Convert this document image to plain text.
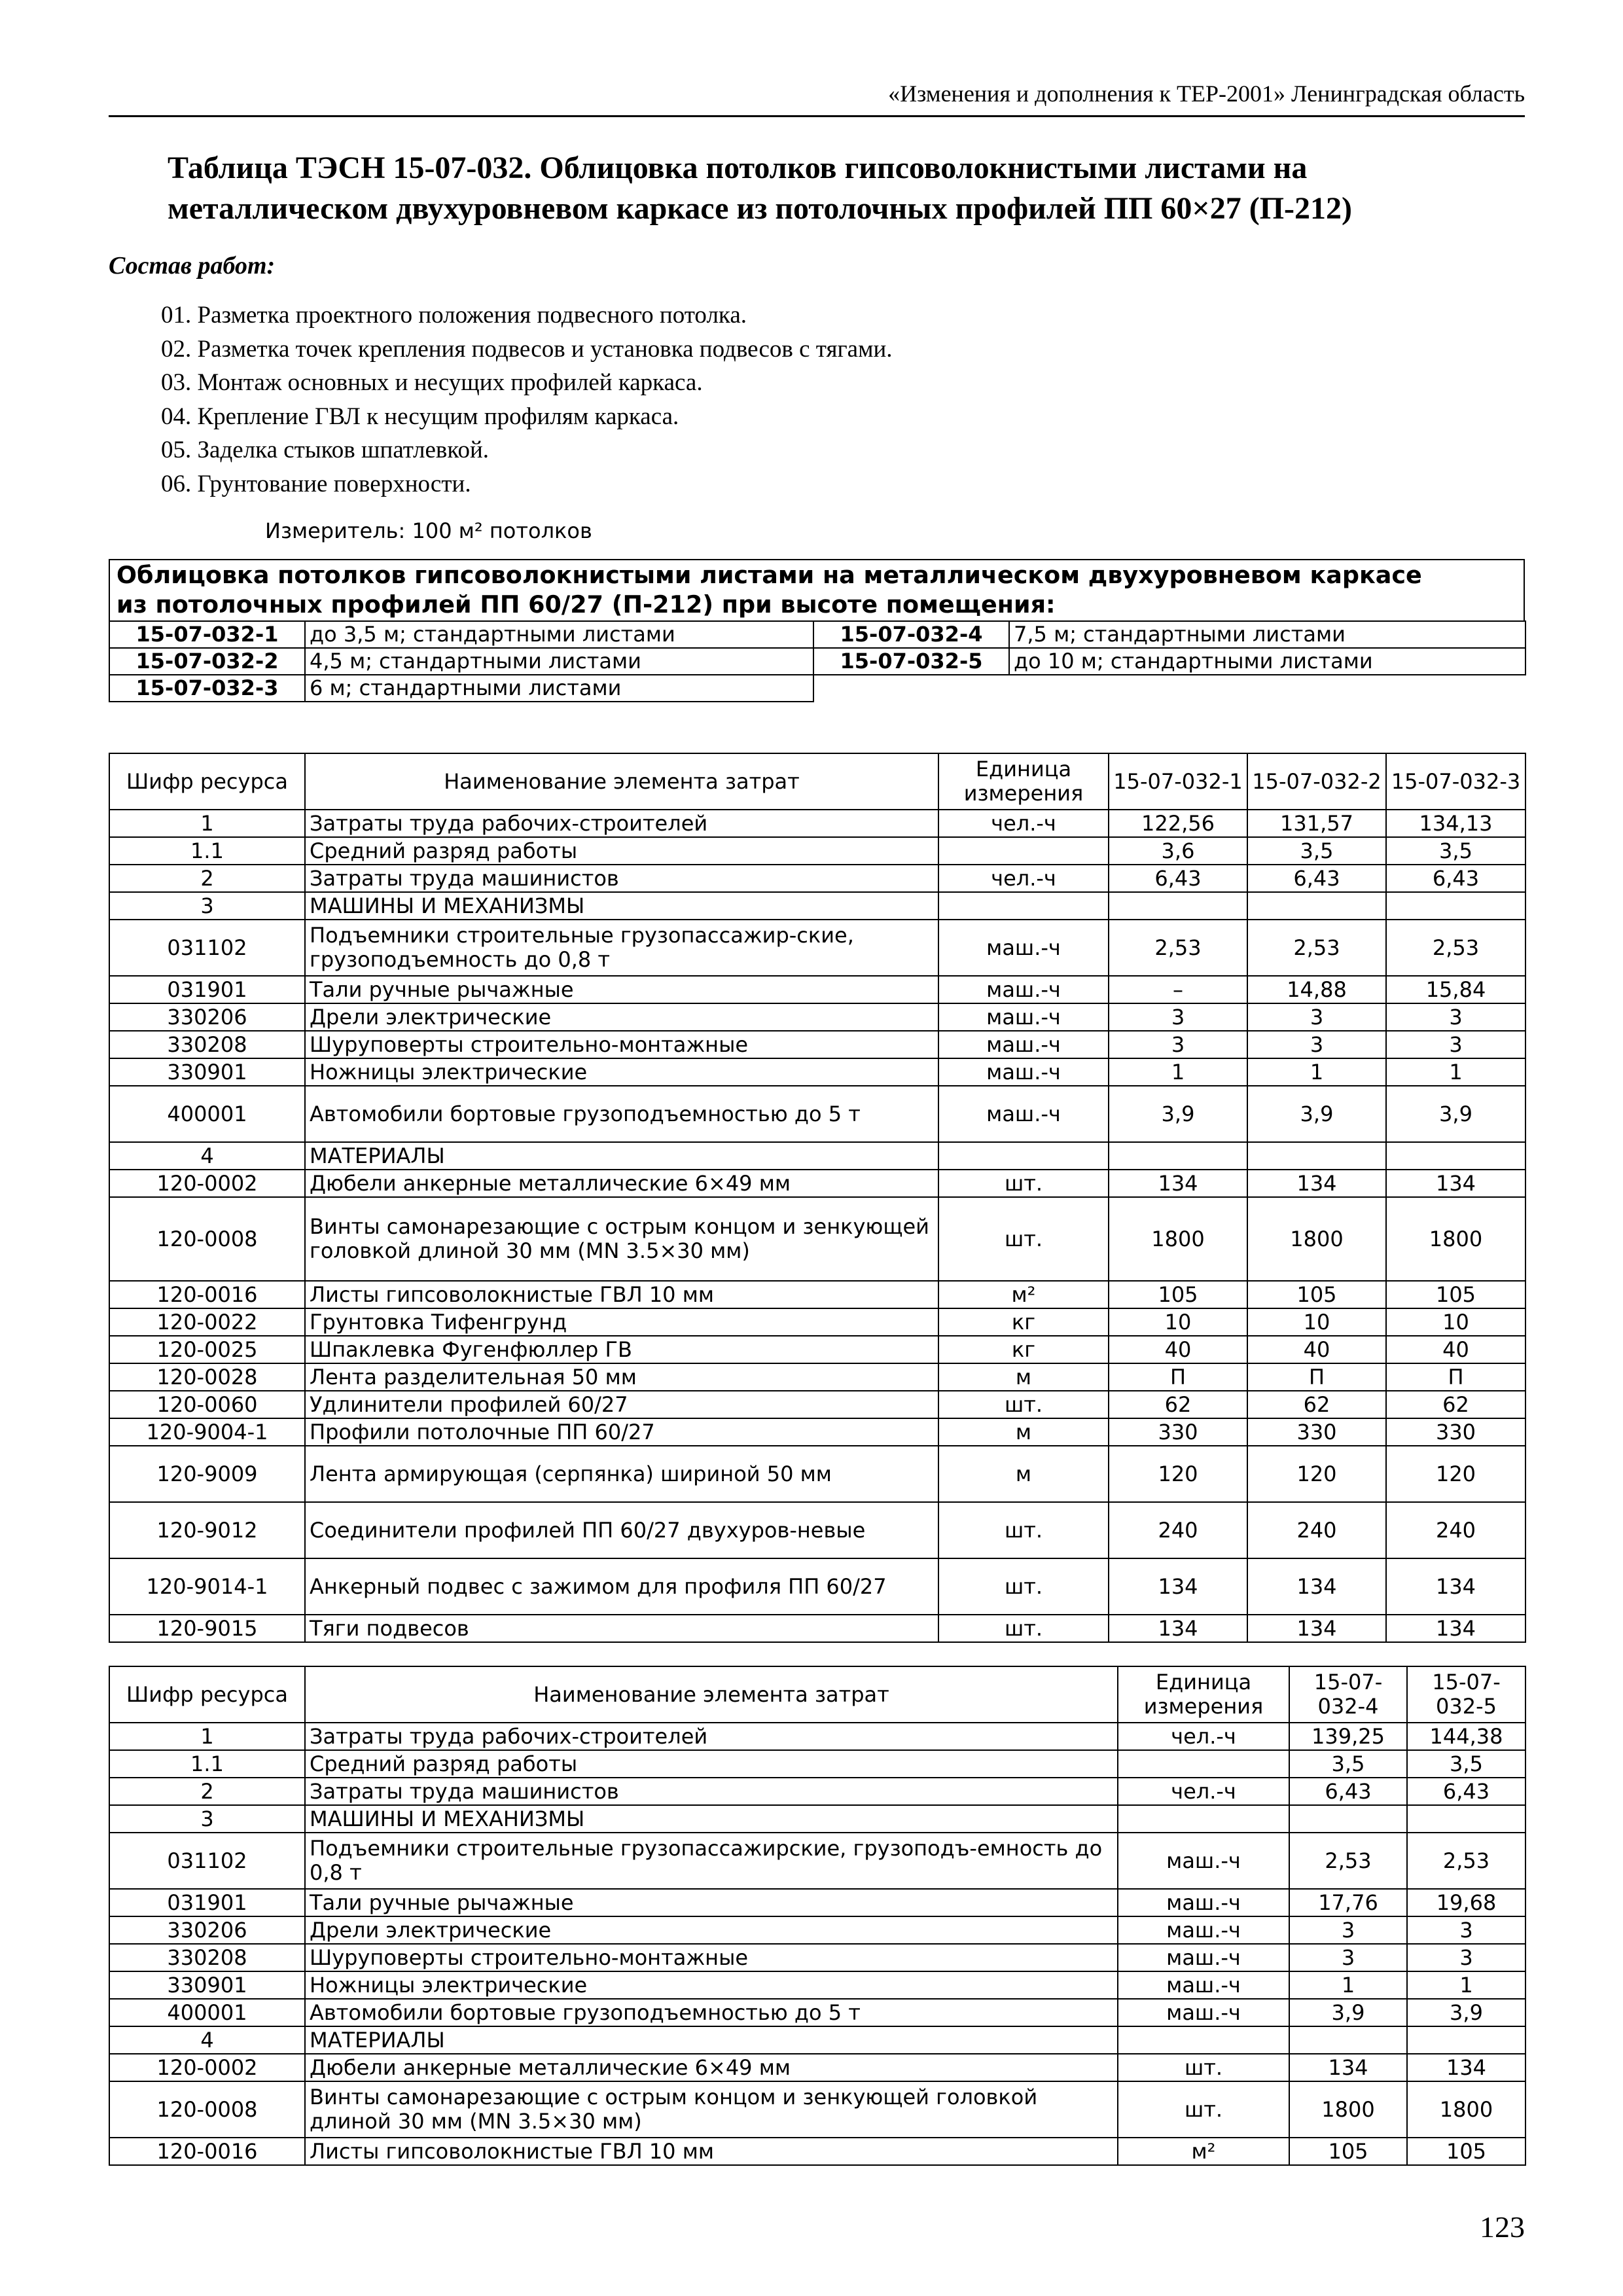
«Изменения и дополнения к ТЕР-2001» Ленинградская область
Таблица ТЭСН 15-07-032. Облицовка потолков гипсоволокнистыми листами на
металлическом двухуровневом каркасе из потолочных профилей ПП 60×27 (П-212)
Состав работ:
01. Разметка проектного положения подвесного потолка.
02. Разметка точек крепления подвесов и установка подвесов с тягами.
03. Монтаж основных и несущих профилей каркаса.
04. Крепление ГВЛ к несущим профилям каркаса.
05. Заделка стыков шпатлевкой.
06. Грунтование поверхности.
Измеритель: 100 м² потолков
Облицовка потолков гипсоволокнистыми листами на металлическом двухуровневом каркасе
из потолочных профилей ПП 60/27 (П-212) при высоте помещения:
15-07-032-1	до 3,5 м; стандартными листами	15-07-032-4	7,5 м; стандартными листами
15-07-032-2	4,5 м; стандартными листами	15-07-032-5	до 10 м; стандартными листами
15-07-032-3	6 м; стандартными листами		
Шифр ресурса	Наименование элемента затрат	Единица измерения	15-07-032-1	15-07-032-2	15-07-032-3
1	Затраты труда рабочих-строителей	чел.-ч	122,56	131,57	134,13
1.1	Средний разряд работы		3,6	3,5	3,5
2	Затраты труда машинистов	чел.-ч	6,43	6,43	6,43
3	МАШИНЫ И МЕХАНИЗМЫ				
031102	Подъемники строительные грузопассажир-ские, грузоподъемность до 0,8 т	маш.-ч	2,53	2,53	2,53
031901	Тали ручные рычажные	маш.-ч	–	14,88	15,84
330206	Дрели электрические	маш.-ч	3	3	3
330208	Шуруповерты строительно-монтажные	маш.-ч	3	3	3
330901	Ножницы электрические	маш.-ч	1	1	1
400001	Автомобили бортовые грузоподъемностью до 5 т	маш.-ч	3,9	3,9	3,9
4	МАТЕРИАЛЫ				
120-0002	Дюбели анкерные металлические 6×49 мм	шт.	134	134	134
120-0008	Винты самонарезающие с острым концом и зенкующей головкой длиной 30 мм (MN 3.5×30 мм)	шт.	1800	1800	1800
120-0016	Листы гипсоволокнистые ГВЛ 10 мм	м²	105	105	105
120-0022	Грунтовка Тифенгрунд	кг	10	10	10
120-0025	Шпаклевка Фугенфюллер ГВ	кг	40	40	40
120-0028	Лента разделительная 50 мм	м	П	П	П
120-0060	Удлинители профилей 60/27	шт.	62	62	62
120-9004-1	Профили потолочные ПП 60/27	м	330	330	330
120-9009	Лента армирующая (серпянка) шириной 50 мм	м	120	120	120
120-9012	Соединители профилей ПП 60/27 двухуров-невые	шт.	240	240	240
120-9014-1	Анкерный подвес с зажимом для профиля ПП 60/27	шт.	134	134	134
120-9015	Тяги подвесов	шт.	134	134	134
Шифр ресурса	Наименование элемента затрат	Единица измерения	15-07-032-4	15-07-032-5
1	Затраты труда рабочих-строителей	чел.-ч	139,25	144,38
1.1	Средний разряд работы		3,5	3,5
2	Затраты труда машинистов	чел.-ч	6,43	6,43
3	МАШИНЫ И МЕХАНИЗМЫ			
031102	Подъемники строительные грузопассажирские, грузоподъ-емность до 0,8 т	маш.-ч	2,53	2,53
031901	Тали ручные рычажные	маш.-ч	17,76	19,68
330206	Дрели электрические	маш.-ч	3	3
330208	Шуруповерты строительно-монтажные	маш.-ч	3	3
330901	Ножницы электрические	маш.-ч	1	1
400001	Автомобили бортовые грузоподъемностью до 5 т	маш.-ч	3,9	3,9
4	МАТЕРИАЛЫ			
120-0002	Дюбели анкерные металлические 6×49 мм	шт.	134	134
120-0008	Винты самонарезающие с острым концом и зенкующей головкой длиной 30 мм (MN 3.5×30 мм)	шт.	1800	1800
120-0016	Листы гипсоволокнистые ГВЛ 10 мм	м²	105	105
123
